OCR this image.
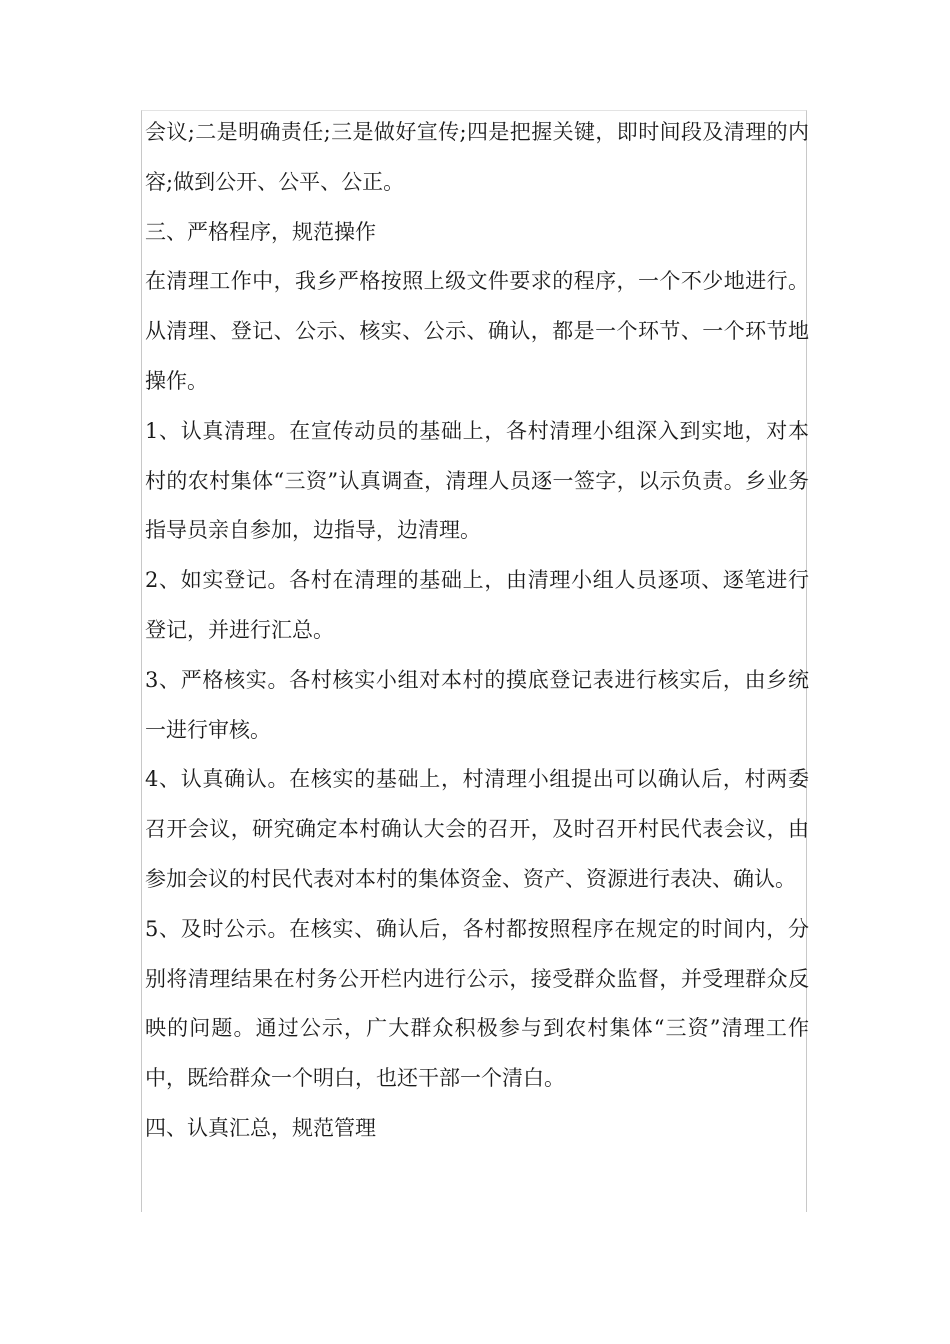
会议;二是明确责任;三是做好宣传;四是把握关键，即时间段及清理的内容;做到公开、公平、公正。

三、严格程序，规范操作

在清理工作中，我乡严格按照上级文件要求的程序，一个不少地进行。从清理、登记、公示、核实、公示、确认，都是一个环节、一个环节地操作。

1、认真清理。在宣传动员的基础上，各村清理小组深入到实地，对本村的农村集体“三资”认真调查，清理人员逐一签字，以示负责。乡业务指导员亲自参加，边指导，边清理。

2、如实登记。各村在清理的基础上，由清理小组人员逐项、逐笔进行登记，并进行汇总。

3、严格核实。各村核实小组对本村的摸底登记表进行核实后，由乡统一进行审核。

4、认真确认。在核实的基础上，村清理小组提出可以确认后，村两委召开会议，研究确定本村确认大会的召开，及时召开村民代表会议，由参加会议的村民代表对本村的集体资金、资产、资源进行表决、确认。

5、及时公示。在核实、确认后，各村都按照程序在规定的时间内，分别将清理结果在村务公开栏内进行公示，接受群众监督，并受理群众反映的问题。通过公示，广大群众积极参与到农村集体“三资”清理工作中，既给群众一个明白，也还干部一个清白。

四、认真汇总，规范管理
